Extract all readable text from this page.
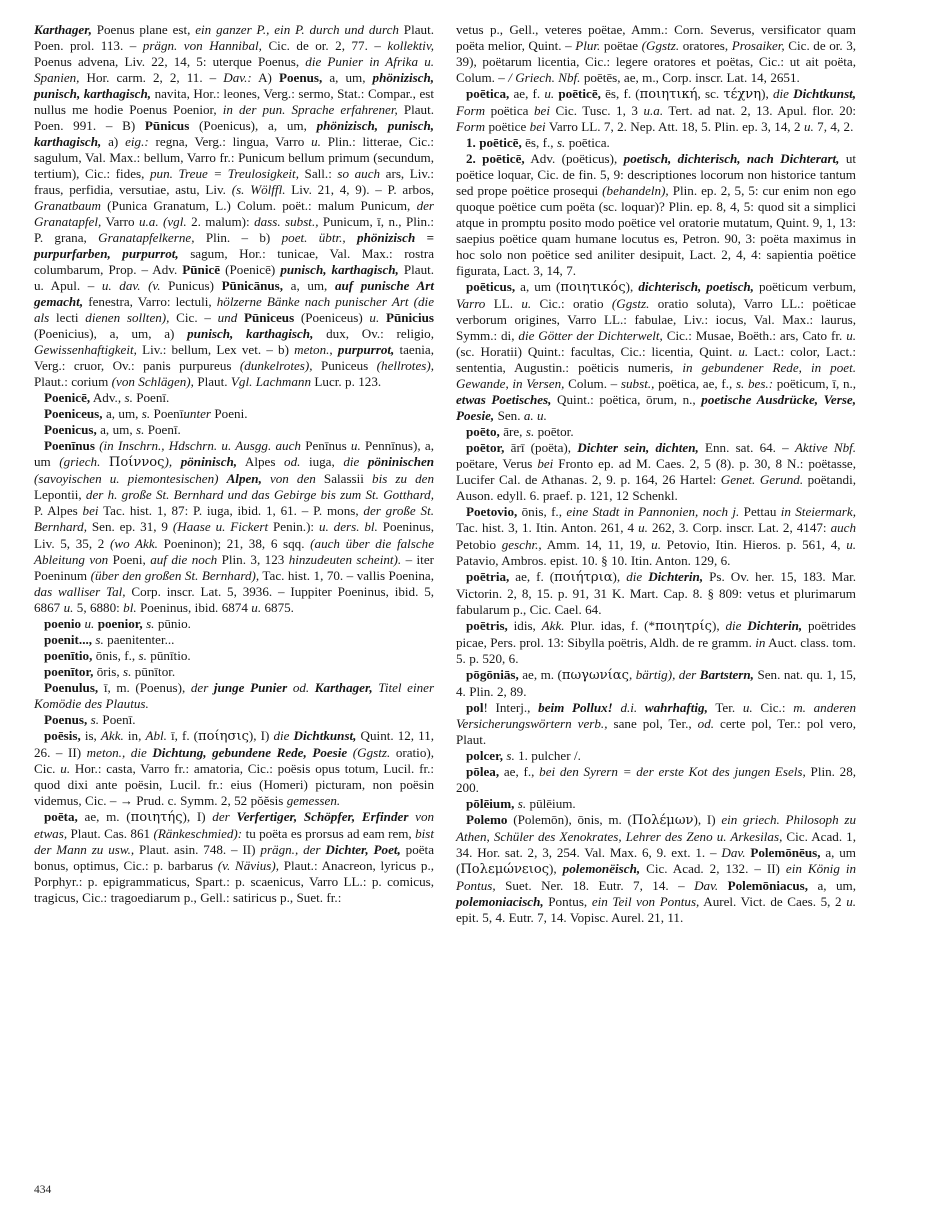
Karthager, Poenus plane est, ein ganzer P., ein P. durch und durch Plaut. Poen. prol. 113. – prägn. von Hannibal, Cic. de or. 2, 77. – kollektiv, Poenus advena, Liv. 22, 14, 5: uterque Poenus, die Punier in Afrika u. Spanien, Hor. carm. 2, 2, 11. – Dav.: A) Poenus, a, um, phönizisch, punisch, karthagisch, navita, Hor.: leones, Verg.: sermo, Stat.: Compar., est nullus me hodie Poenus Poenior, in der pun. Sprache erfahrener, Plaut. Poen. 991. – B) Pūnicus (Poenicus), a, um, phönizisch, punisch, karthagisch, a) eig.: regna, Verg.: lingua, Varro u. Plin.: litterae, Cic.: sagulum, Val. Max.: bellum, Varro fr.: Punicum bellum primum (secundum, tertium), Cic.: fides, pun. Treue = Treulosigkeit, Sall.: so auch ars, Liv.: fraus, perfidia, versutiae, astu, Liv. (s. Wölffl. Liv. 21, 4, 9). – P. arbos, Granatbaum (Punica Granatum, L.) Colum. poët.: malum Punicum, der Granatapfel, Varro u.a. (vgl. 2. malum): dass. subst., Punicum, ī, n., Plin.: P. grana, Granatapfelkerne, Plin. – b) poet. übtr., phönizisch = purpurfarben, purpurrot, sagum, Hor.: tunicae, Val. Max.: rostra columbarum, Prop. – Adv. Pūnicē (Poenicē) punisch, karthagisch, Plaut. u. Apul. – u. dav. (v. Punicus) Pūnicānus, a, um, auf punische Art gemacht, fenestra, Varro: lectuli, hölzerne Bänke nach punischer Art (die als lecti dienen sollten), Cic. – und Pūniceus (Poeniceus) u. Pūnicius (Poenicius), a, um, a) punisch, karthagisch, dux, Ov.: religio, Gewissenhaftigkeit, Liv.: bellum, Lex vet. – b) meton., purpurrot, taenia, Verg.: cruor, Ov.: panis purpureus (dunkelrotes), Puniceus (hellrotes), Plaut.: corium (von Schlägen), Plaut. Vgl. Lachmann Lucr. p. 123.

Poenicē, Adv., s. Poenī.

Poeniceus, a, um, s. Poenīunter Poeni.

Poenicus, a, um, s. Poenī.

Poenīnus (in Inschrn., Hdschrn. u. Ausgg. auch Penīnus u. Pennīnus), a, um (griech. Ποίννος), pöninisch, Alpes od. iuga, die pöninischen (savoyischen u. piemontesischen) Alpen, von den Salassii bis zu den Lepontii, der h. große St. Bernhard und das Gebirge bis zum St. Gotthard, P. Alpes bei Tac. hist. 1, 87: P. iuga, ibid. 1, 61. – P. mons, der große St. Bernhard, Sen. ep. 31, 9 (Haase u. Fickert Penin.): u. ders. bl. Poeninus, Liv. 5, 35, 2 (wo Akk. Poeninon); 21, 38, 6 sqq. (auch über die falsche Ableitung von Poeni, auf die noch Plin. 3, 123 hinzudeuten scheint). – iter Poeninum (über den großen St. Bernhard), Tac. hist. 1, 70. – vallis Poenina, das walliser Tal, Corp. inscr. Lat. 5, 3936. – Iuppiter Poeninus, ibid. 5, 6867 u. 5, 6880: bl. Poeninus, ibid. 6874 u. 6875.

poenio u. poenior, s. pūnio.

poenit..., s. paenitenter...

poenītio, ōnis, f., s. pūnītio.

poenītor, ōris, s. pūnītor.

Poenulus, ī, m. (Poenus), der junge Punier od. Karthager, Titel einer Komödie des Plautus.

Poenus, s. Poenī.

poēsis, is, Akk. in, Abl. ī, f. (ποίησις), I) die Dichtkunst, Quint. 12, 11, 26. – II) meton., die Dichtung, gebundene Rede, Poesie (Ggstz. oratio), Cic. u. Hor.: casta, Varro fr.: amatoria, Cic.: poësis opus totum, Lucil. fr.: quod dixi ante poësin, Lucil. fr.: eius (Homeri) picturam, non poësin videmus, Cic. – → Prud. c. Symm. 2, 52 pŏĕsis gemessen.

poēta, ae, m. (ποιητής), I) der Verfertiger, Schöpfer, Erfinder von etwas, Plaut. Cas. 861 (Ränkeschmied): tu poëta es prorsus ad eam rem, bist der Mann zu usw., Plaut. asin. 748. – II) prägn., der Dichter, Poet, poëta bonus, optimus, Cic.: p. barbarus (v. Nävius), Plaut.: Anacreon, lyricus p., Porphyr.: p. epigrammaticus, Spart.: p. scaenicus, Varro LL.: p. comicus, tragicus, Cic.: tragoediarum p., Gell.: satiricus p., Suet. fr.:

vetus p., Gell., veteres poëtae, Amm.: Corn. Severus, versificator quam poëta melior, Quint. – Plur. poëtae (Ggstz. oratores, Prosaiker, Cic. de or. 3, 39), poëtarum licentia, Cic.: legere oratores et poëtas, Cic.: ut ait poëta, Colum. – / Griech. Nbf. poētēs, ae, m., Corp. inscr. Lat. 14, 2651.

poētica, ae, f. u. poēticē, ēs, f. (ποιητική, sc. τέχνη), die Dichtkunst, Form poëtica bei Cic. Tusc. 1, 3 u.a. Tert. ad nat. 2, 13. Apul. flor. 20: Form poëtice bei Varro LL. 7, 2. Nep. Att. 18, 5. Plin. ep. 3, 14, 2 u. 7, 4, 2.

1. poēticē, ēs, f., s. poētica.

2. poēticē, Adv. (poëticus), poetisch, dichterisch, nach Dichterart, ut poëtice loquar, Cic. de fin. 5, 9: descriptiones locorum non historice tantum sed prope poëtice prosequi (behandeln), Plin. ep. 2, 5, 5: cur enim non ego quoque poëtice cum poëta (sc. loquar)? Plin. ep. 8, 4, 5: quod sit a simplici atque in promptu posito modo poëtice vel oratorie mutatum, Quint. 9, 1, 13: saepius poëtice quam humane locutus es, Petron. 90, 3: poëta maximus in hoc solo non poëtice sed aniliter desipuit, Lact. 2, 4, 4: sapientia poëtice figurata, Lact. 3, 14, 7.

poēticus, a, um (ποιητικός), dichterisch, poetisch, poëticum verbum, Varro LL. u. Cic.: oratio (Ggstz. oratio soluta), Varro LL.: poëticae verborum origines, Varro LL.: fabulae, Liv.: iocus, Val. Max.: laurus, Symm.: di, die Götter der Dichterwelt, Cic.: Musae, Boëth.: ars, Cato fr. u. (sc. Horatii) Quint.: facultas, Cic.: licentia, Quint. u. Lact.: color, Lact.: sententia, Augustin.: poëticis numeris, in gebundener Rede, in poet. Gewande, in Versen, Colum. – subst., poëtica, ae, f., s. bes.: poëticum, ī, n., etwas Poetisches, Quint.: poëtica, ōrum, n., poetische Ausdrücke, Verse, Poesie, Sen. a. u.

poēto, āre, s. poētor.

poētor, ārī (poëta), Dichter sein, dichten, Enn. sat. 64. – Aktive Nbf. poëtare, Verus bei Fronto ep. ad M. Caes. 2, 5 (8). p. 30, 8 N.: poëtasse, Lucifer Cal. de Athanas. 2, 9. p. 164, 26 Hartel: Genet. Gerund. poëtandi, Auson. edyll. 6. praef. p. 121, 12 Schenkl.

Poetovio, ōnis, f., eine Stadt in Pannonien, noch j. Pettau in Steiermark, Tac. hist. 3, 1. Itin. Anton. 261, 4 u. 262, 3. Corp. inscr. Lat. 2, 4147: auch Petobio geschr., Amm. 14, 11, 19, u. Petovio, Itin. Hieros. p. 561, 4, u. Patavio, Ambros. epist. 10. § 10. Itin. Anton. 129, 6.

poētria, ae, f. (ποιήτρια), die Dichterin, Ps. Ov. her. 15, 183. Mar. Victorin. 2, 8, 15. p. 91, 31 K. Mart. Cap. 8. § 809: vetus et plurimarum fabularum p., Cic. Cael. 64.

poētris, idis, Akk. Plur. idas, f. (*ποιητρίς), die Dichterin, poëtrides picae, Pers. prol. 13: Sibylla poëtris, Aldh. de re gramm. in Auct. class. tom. 5. p. 520, 6.

pōgōniās, ae, m. (πωγωνίας, bärtig), der Bartstern, Sen. nat. qu. 1, 15, 4. Plin. 2, 89.

pol! Interj., beim Pollux! d.i. wahrhaftig, Ter. u. Cic.: m. anderen Versicherungswörtern verb., sane pol, Ter., od. certe pol, Ter.: pol vero, Plaut.

polcer, s. 1. pulcher /.

pōlea, ae, f., bei den Syrern = der erste Kot des jungen Esels, Plin. 28, 200.

pōlēium, s. pūlēium.

Polemo (Polemōn), ōnis, m. (Πολέμων), I) ein griech. Philosoph zu Athen, Schüler des Xenokrates, Lehrer des Zeno u. Arkesilas, Cic. Acad. 1, 34. Hor. sat. 2, 3, 254. Val. Max. 6, 9. ext. 1. – Dav. Polemōnēus, a, um (Πολεμώνειος), polemonëisch, Cic. Acad. 2, 132. – II) ein König in Pontus, Suet. Ner. 18. Eutr. 7, 14. – Dav. Polemōniacus, a, um, polemoniacisch, Pontus, ein Teil von Pontus, Aurel. Vict. de Caes. 5, 2 u. epit. 5, 4. Eutr. 7, 14. Vopisc. Aurel. 21, 11.

434
